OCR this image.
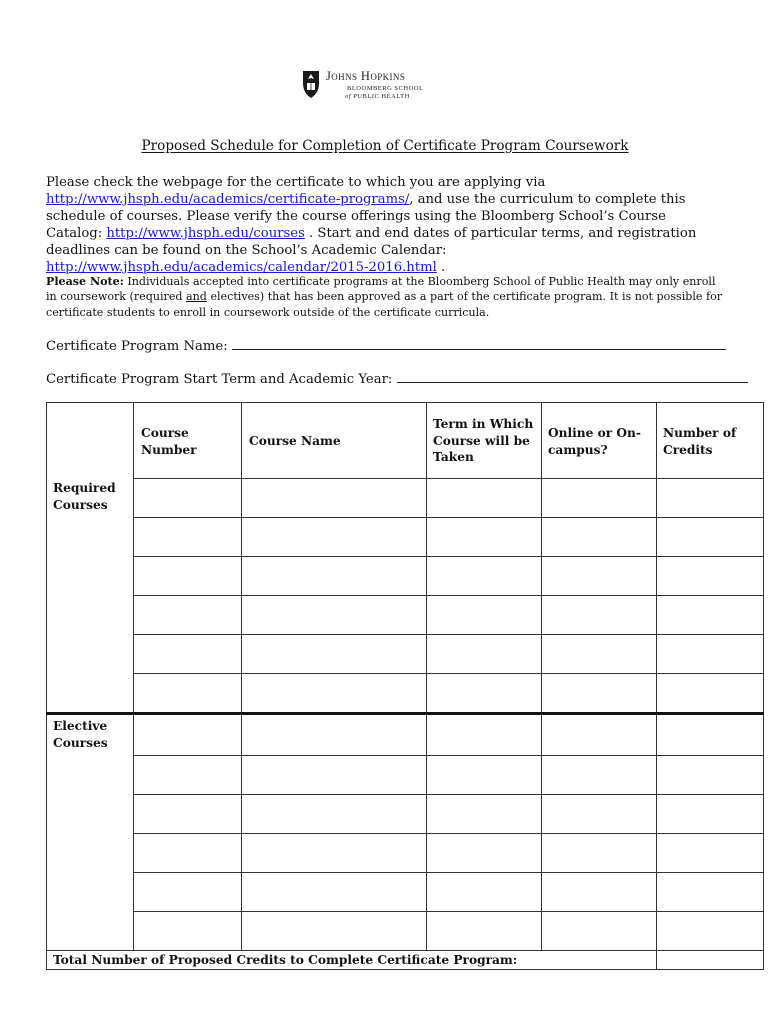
Johns Hopkins
BLOOMBERG SCHOOL
of PUBLIC HEALTH
Proposed Schedule for Completion of Certificate Program Coursework
Please check the webpage for the certificate to which you are applying via http://www.jhsph.edu/academics/certificate-programs/, and use the curriculum to complete this schedule of courses. Please verify the course offerings using the Bloomberg School’s Course Catalog: http://www.jhsph.edu/courses . Start and end dates of particular terms, and registration deadlines can be found on the School’s Academic Calendar: http://www.jhsph.edu/academics/calendar/2015-2016.html .
Please Note: Individuals accepted into certificate programs at the Bloomberg School of Public Health may only enroll in coursework (required and electives) that has been approved as a part of the certificate program. It is not possible for certificate students to enroll in coursework outside of the certificate curricula.
Certificate Program Name:
Certificate Program Start Term and Academic Year:
Course Number
Course Name
Term in Which Course will be Taken
Online or On-campus?
Number of Credits
Required Courses
Elective Courses
Total Number of Proposed Credits to Complete Certificate Program:
